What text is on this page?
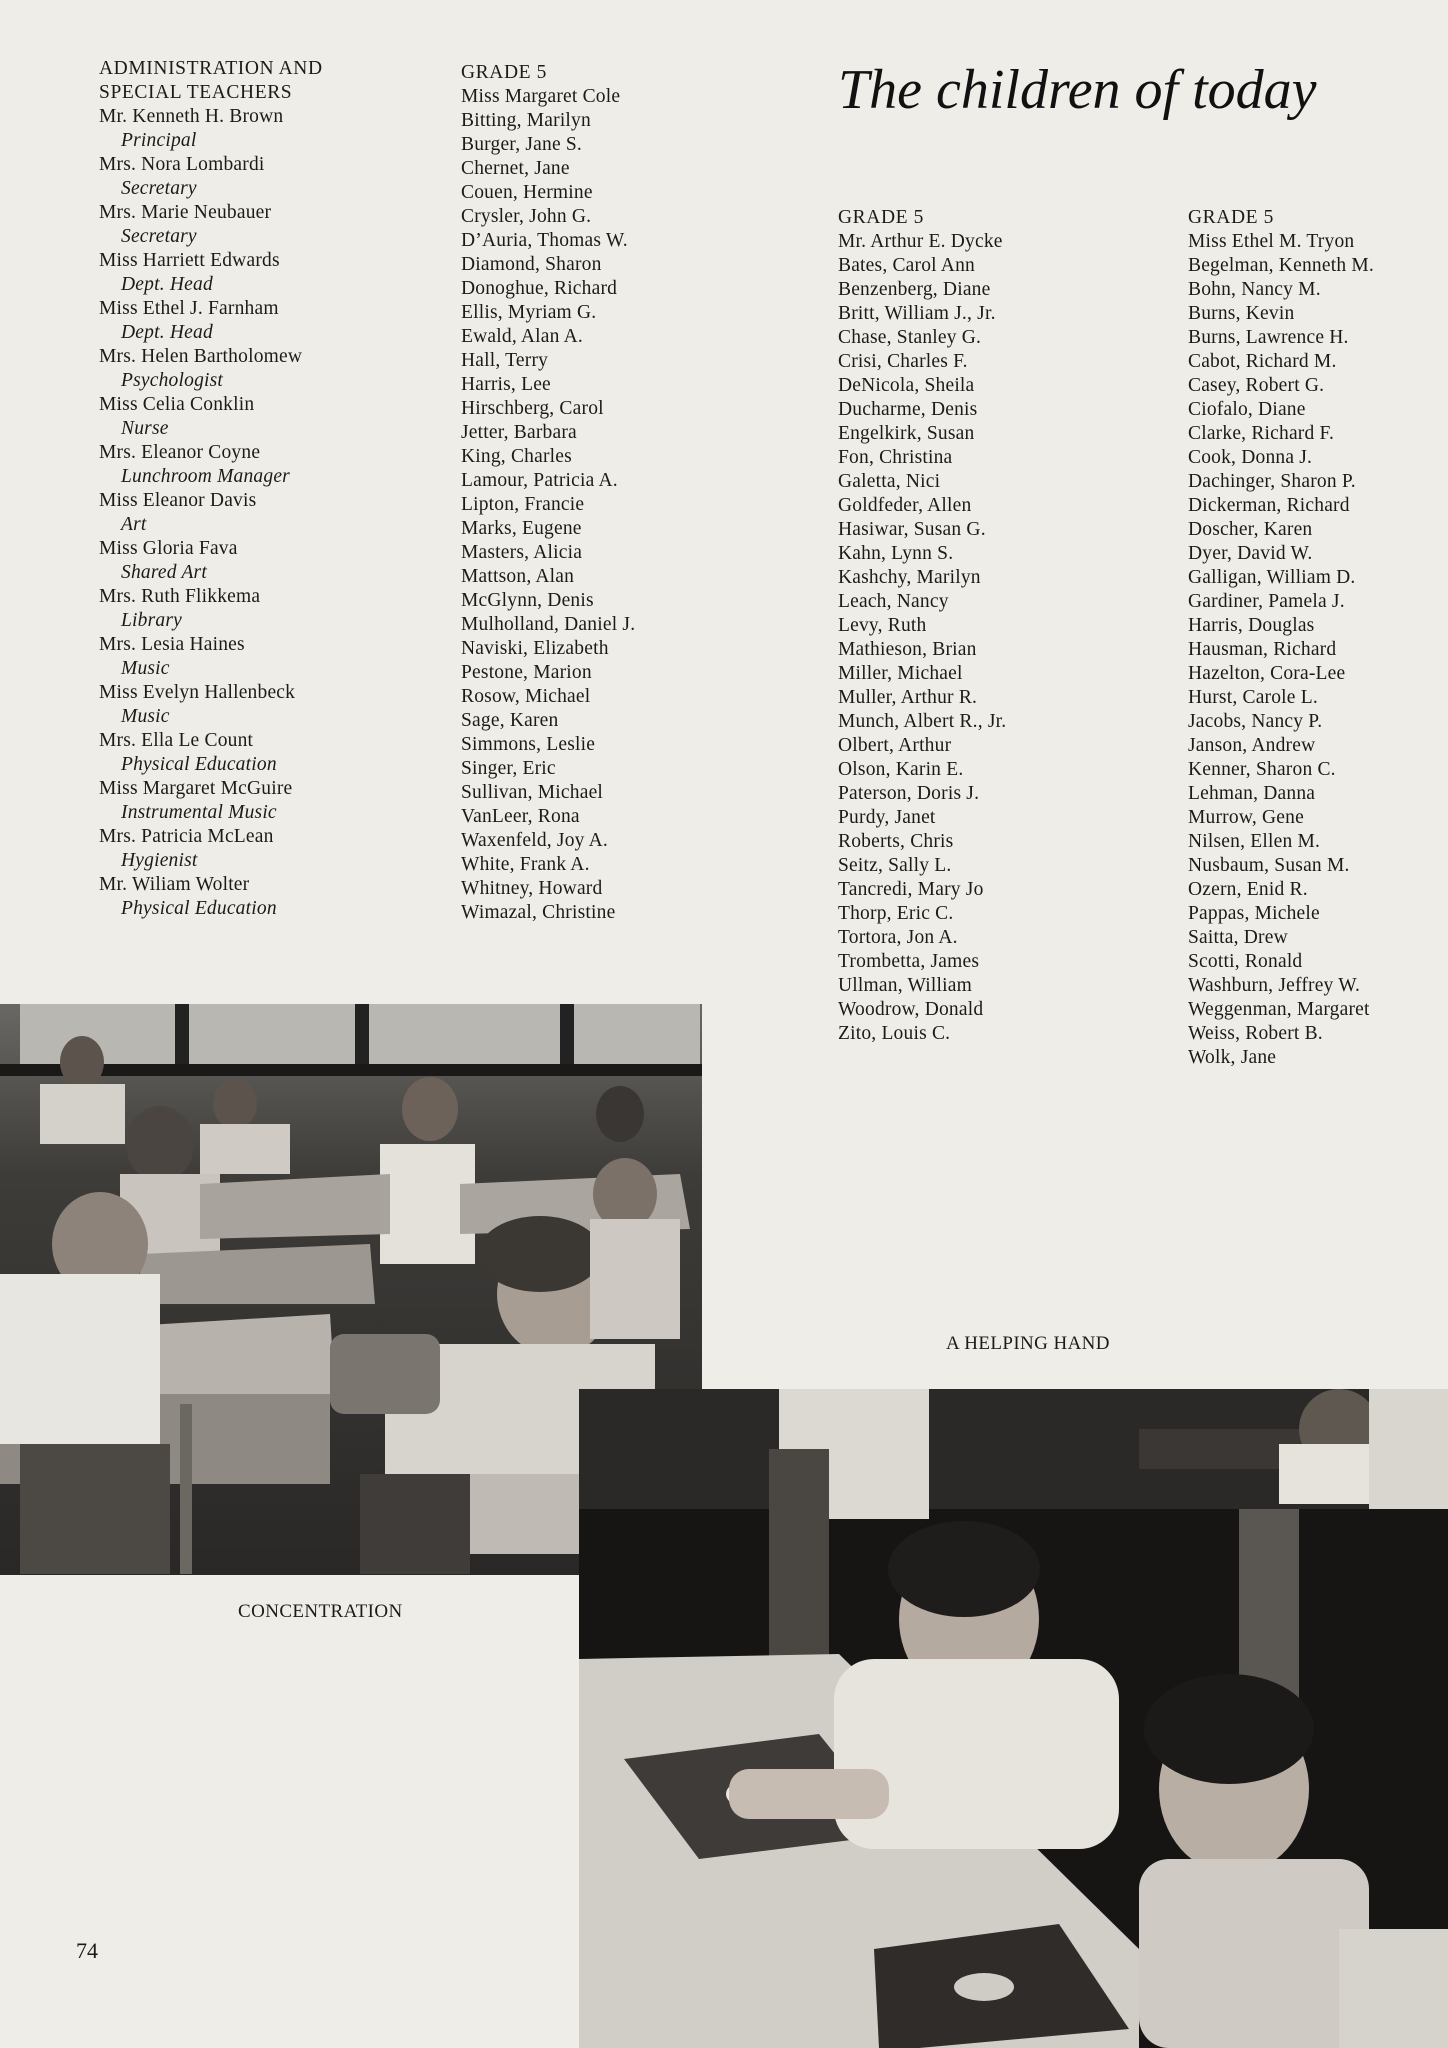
The children of today
ADMINISTRATION AND
SPECIAL TEACHERS
Mr. Kenneth H. Brown
Principal
Mrs. Nora Lombardi
Secretary
Mrs. Marie Neubauer
Secretary
Miss Harriett Edwards
Dept. Head
Miss Ethel J. Farnham
Dept. Head
Mrs. Helen Bartholomew
Psychologist
Miss Celia Conklin
Nurse
Mrs. Eleanor Coyne
Lunchroom Manager
Miss Eleanor Davis
Art
Miss Gloria Fava
Shared Art
Mrs. Ruth Flikkema
Library
Mrs. Lesia Haines
Music
Miss Evelyn Hallenbeck
Music
Mrs. Ella Le Count
Physical Education
Miss Margaret McGuire
Instrumental Music
Mrs. Patricia McLean
Hygienist
Mr. Wiliam Wolter
Physical Education
GRADE 5
Miss Margaret Cole
Bitting, Marilyn
Burger, Jane S.
Chernet, Jane
Couen, Hermine
Crysler, John G.
D’Auria, Thomas W.
Diamond, Sharon
Donoghue, Richard
Ellis, Myriam G.
Ewald, Alan A.
Hall, Terry
Harris, Lee
Hirschberg, Carol
Jetter, Barbara
King, Charles
Lamour, Patricia A.
Lipton, Francie
Marks, Eugene
Masters, Alicia
Mattson, Alan
McGlynn, Denis
Mulholland, Daniel J.
Naviski, Elizabeth
Pestone, Marion
Rosow, Michael
Sage, Karen
Simmons, Leslie
Singer, Eric
Sullivan, Michael
VanLeer, Rona
Waxenfeld, Joy A.
White, Frank A.
Whitney, Howard
Wimazal, Christine
GRADE 5
Mr. Arthur E. Dycke
Bates, Carol Ann
Benzenberg, Diane
Britt, William J., Jr.
Chase, Stanley G.
Crisi, Charles F.
DeNicola, Sheila
Ducharme, Denis
Engelkirk, Susan
Fon, Christina
Galetta, Nici
Goldfeder, Allen
Hasiwar, Susan G.
Kahn, Lynn S.
Kashchy, Marilyn
Leach, Nancy
Levy, Ruth
Mathieson, Brian
Miller, Michael
Muller, Arthur R.
Munch, Albert R., Jr.
Olbert, Arthur
Olson, Karin E.
Paterson, Doris J.
Purdy, Janet
Roberts, Chris
Seitz, Sally L.
Tancredi, Mary Jo
Thorp, Eric C.
Tortora, Jon A.
Trombetta, James
Ullman, William
Woodrow, Donald
Zito, Louis C.
GRADE 5
Miss Ethel M. Tryon
Begelman, Kenneth M.
Bohn, Nancy M.
Burns, Kevin
Burns, Lawrence H.
Cabot, Richard M.
Casey, Robert G.
Ciofalo, Diane
Clarke, Richard F.
Cook, Donna J.
Dachinger, Sharon P.
Dickerman, Richard
Doscher, Karen
Dyer, David W.
Galligan, William D.
Gardiner, Pamela J.
Harris, Douglas
Hausman, Richard
Hazelton, Cora-Lee
Hurst, Carole L.
Jacobs, Nancy P.
Janson, Andrew
Kenner, Sharon C.
Lehman, Danna
Murrow, Gene
Nilsen, Ellen M.
Nusbaum, Susan M.
Ozern, Enid R.
Pappas, Michele
Saitta, Drew
Scotti, Ronald
Washburn, Jeffrey W.
Weggenman, Margaret
Weiss, Robert B.
Wolk, Jane
A HELPING HAND
CONCENTRATION
74
